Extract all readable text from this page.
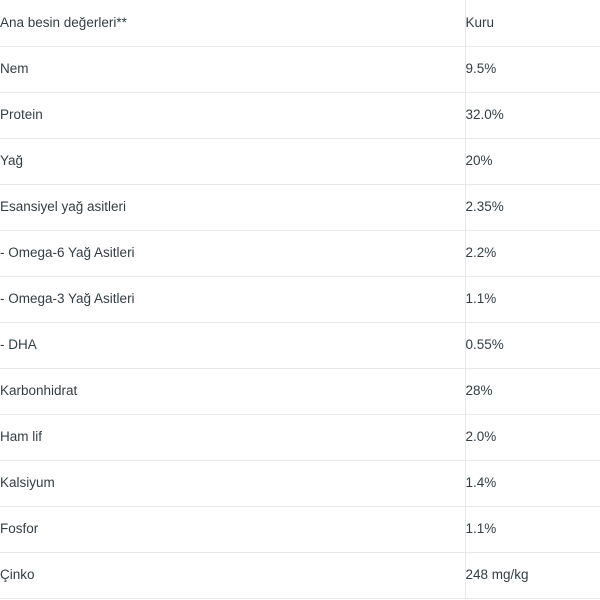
Ana besin değerleri**	Kuru
Nem	9.5%
Protein	32.0%
Yağ	20%
Esansiyel yağ asitleri	2.35%
- Omega-6 Yağ Asitleri	2.2%
- Omega-3 Yağ Asitleri	1.1%
- DHA	0.55%
Karbonhidrat	28%
Ham lif	2.0%
Kalsiyum	1.4%
Fosfor	1.1%
Çinko	248 mg/kg
